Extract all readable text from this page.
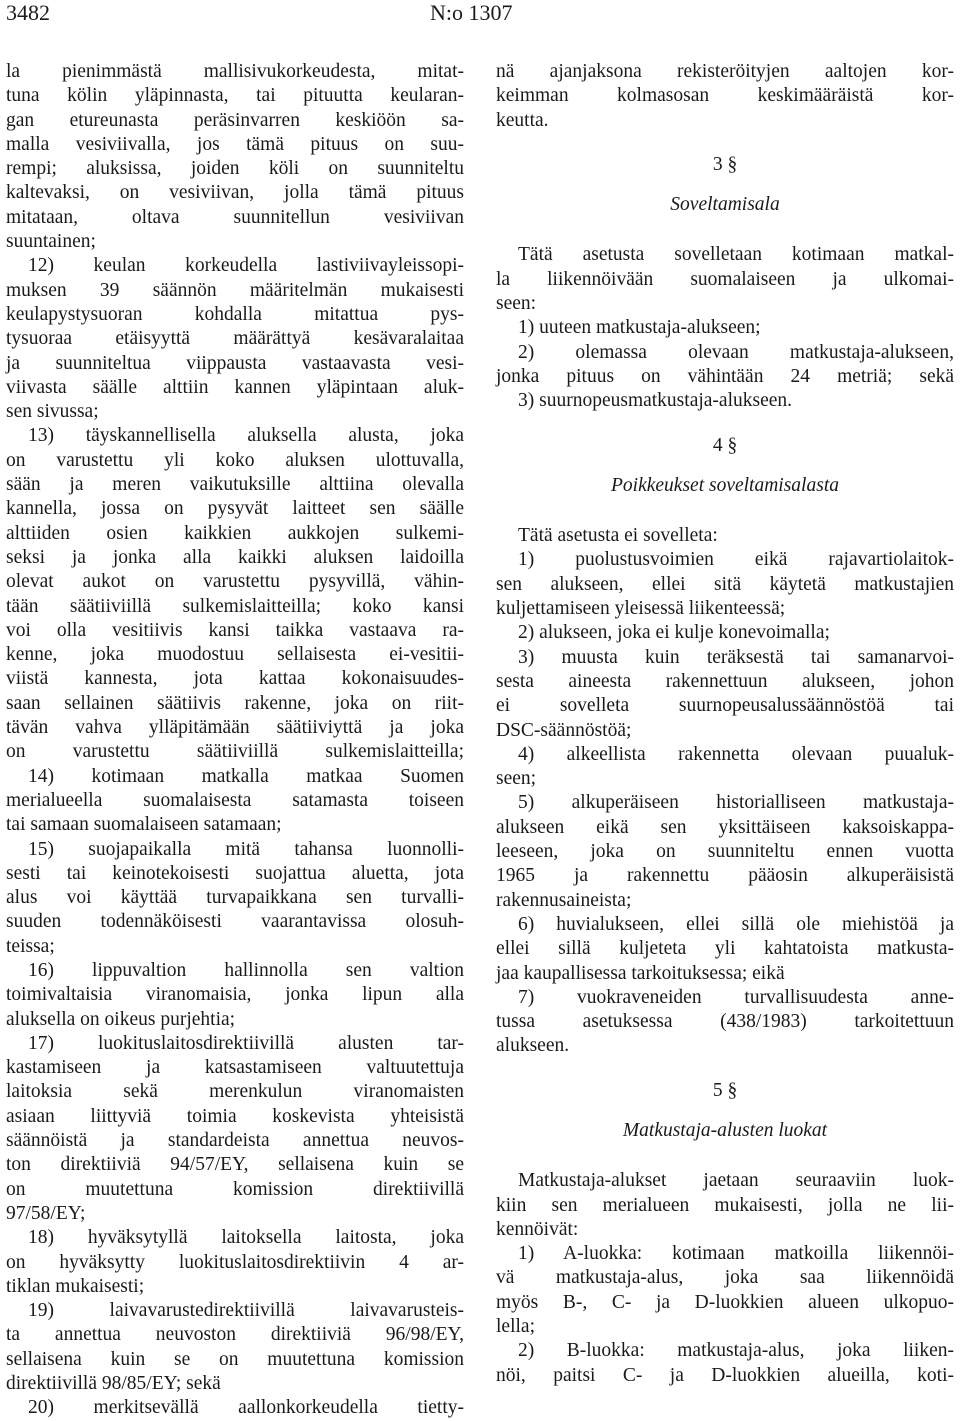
3482	N:o 1307
la pienimmästä mallisivukorkeudesta, mitat-
tuna kölin yläpinnasta, tai pituutta keularan-
gan etureunasta peräsinvarren keskiöön sa-
malla vesiviivalla, jos tämä pituus on suu-
rempi; aluksissa, joiden köli on suunniteltu
kaltevaksi, on vesiviivan, jolla tämä pituus
mitataan, oltava suunnitellun vesiviivan
suuntainen;
12) keulan korkeudella lastiviivayleissopi-
muksen 39 säännön määritelmän mukaisesti
keulapystysuoran kohdalla mitattua pys-
tysuoraa etäisyyttä määrättyä kesävaralaitaa
ja suunniteltua viippausta vastaavasta vesi-
viivasta säälle alttiin kannen yläpintaan aluk-
sen sivussa;
13) täyskannellisella aluksella alusta, joka
on varustettu yli koko aluksen ulottuvalla,
sään ja meren vaikutuksille alttiina olevalla
kannella, jossa on pysyvät laitteet sen säälle
alttiiden osien kaikkien aukkojen sulkemi-
seksi ja jonka alla kaikki aluksen laidoilla
olevat aukot on varustettu pysyvillä, vähin-
tään säätiiviillä sulkemislaitteilla; koko kansi
voi olla vesitiivis kansi taikka vastaava ra-
kenne, joka muodostuu sellaisesta ei-vesitii-
viistä kannesta, jota kattaa kokonaisuudes-
saan sellainen säätiivis rakenne, joka on riit-
tävän vahva ylläpitämään säätiiviyttä ja joka
on varustettu säätiiviillä sulkemislaitteilla;
14) kotimaan matkalla matkaa Suomen
merialueella suomalaisesta satamasta toiseen
tai samaan suomalaiseen satamaan;
15) suojapaikalla mitä tahansa luonnolli-
sesti tai keinotekoisesti suojattua aluetta, jota
alus voi käyttää turvapaikkana sen turvalli-
suuden todennäköisesti vaarantavissa olosuh-
teissa;
16) lippuvaltion hallinnolla sen valtion
toimivaltaisia viranomaisia, jonka lipun alla
aluksella on oikeus purjehtia;
17) luokituslaitosdirektiivillä alusten tar-
kastamiseen ja katsastamiseen valtuutettuja
laitoksia sekä merenkulun viranomaisten
asiaan liittyviä toimia koskevista yhteisistä
säännöistä ja standardeista annettua neuvos-
ton direktiiviä 94/57/EY, sellaisena kuin se
on muutettuna komission direktiivillä
97/58/EY;
18) hyväksytyllä laitoksella laitosta, joka
on hyväksytty luokituslaitosdirektiivin 4 ar-
tiklan mukaisesti;
19) laivavarustedirektiivillä laivavarusteis-
ta annettua neuvoston direktiiviä 96/98/EY,
sellaisena kuin se on muutettuna komission
direktiivillä 98/85/EY; sekä
20) merkitsevällä aallonkorkeudella tietty-
nä ajanjaksona rekisteröityjen aaltojen kor-
keimman kolmasosan keskimääräistä kor-
keutta.
3 §
Soveltamisala
Tätä asetusta sovelletaan kotimaan matkal-
la liikennöivään suomalaiseen ja ulkomai-
seen:
1) uuteen matkustaja-alukseen;
2) olemassa olevaan matkustaja-alukseen,
jonka pituus on vähintään 24 metriä; sekä
3) suurnopeusmatkustaja-alukseen.
4 §
Poikkeukset soveltamisalasta
Tätä asetusta ei sovelleta:
1) puolustusvoimien eikä rajavartiolaitok-
sen alukseen, ellei sitä käytetä matkustajien
kuljettamiseen yleisessä liikenteessä;
2) alukseen, joka ei kulje konevoimalla;
3) muusta kuin teräksestä tai samanarvoi-
sesta aineesta rakennettuun alukseen, johon
ei sovelleta suurnopeusalussäännöstöä tai
DSC-säännöstöä;
4) alkeellista rakennetta olevaan puualuk-
seen;
5) alkuperäiseen historialliseen matkustaja-
alukseen eikä sen yksittäiseen kaksoiskappa-
leeseen, joka on suunniteltu ennen vuotta
1965 ja rakennettu pääosin alkuperäisistä
rakennusaineista;
6) huvialukseen, ellei sillä ole miehistöä ja
ellei sillä kuljeteta yli kahtatoista matkusta-
jaa kaupallisessa tarkoituksessa; eikä
7) vuokraveneiden turvallisuudesta anne-
tussa asetuksessa (438/1983) tarkoitettuun
alukseen.
5 §
Matkustaja-alusten luokat
Matkustaja-alukset jaetaan seuraaviin luok-
kiin sen merialueen mukaisesti, jolla ne lii-
kennöivät:
1) A-luokka: kotimaan matkoilla liikennöi-
vä matkustaja-alus, joka saa liikennöidä
myös B-, C- ja D-luokkien alueen ulkopuo-
lella;
2) B-luokka: matkustaja-alus, joka liiken-
nöi, paitsi C- ja D-luokkien alueilla, koti-
